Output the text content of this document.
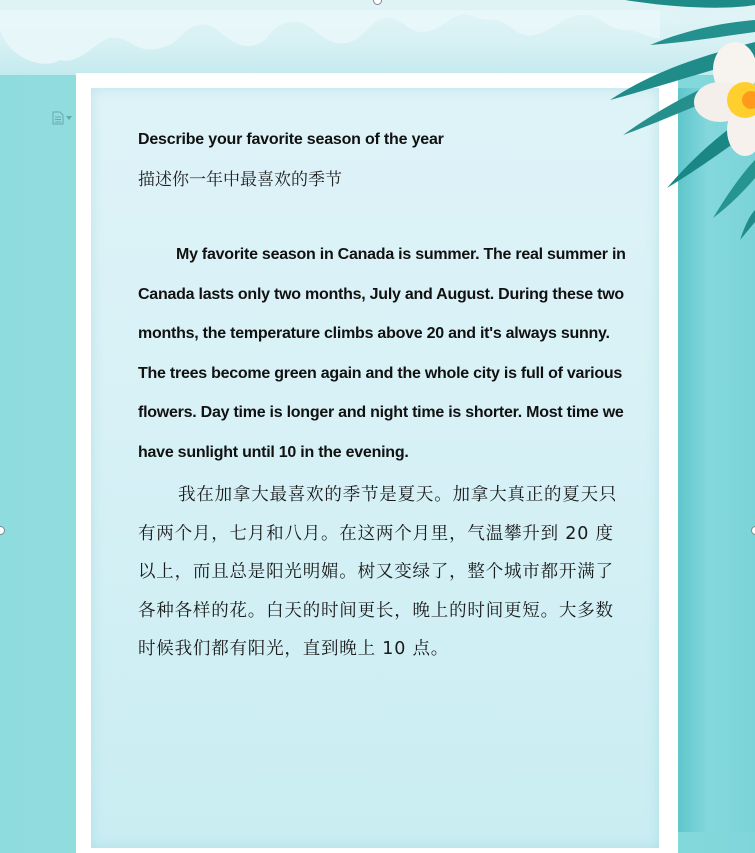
Describe your favorite season of the year

描述你一年中最喜欢的季节

My favorite season in Canada is summer. The real summer in Canada lasts only two months, July and August. During these two months, the temperature climbs above 20 and it's always sunny. The trees become green again and the whole city is full of various flowers. Day time is longer and night time is shorter. Most time we have sunlight until 10 in the evening.

我在加拿大最喜欢的季节是夏天。加拿大真正的夏天只有两个月，七月和八月。在这两个月里，气温攀升到 20 度以上，而且总是阳光明媚。树又变绿了，整个城市都开满了各种各样的花。白天的时间更长，晚上的时间更短。大多数时候我们都有阳光，直到晚上 10 点。
